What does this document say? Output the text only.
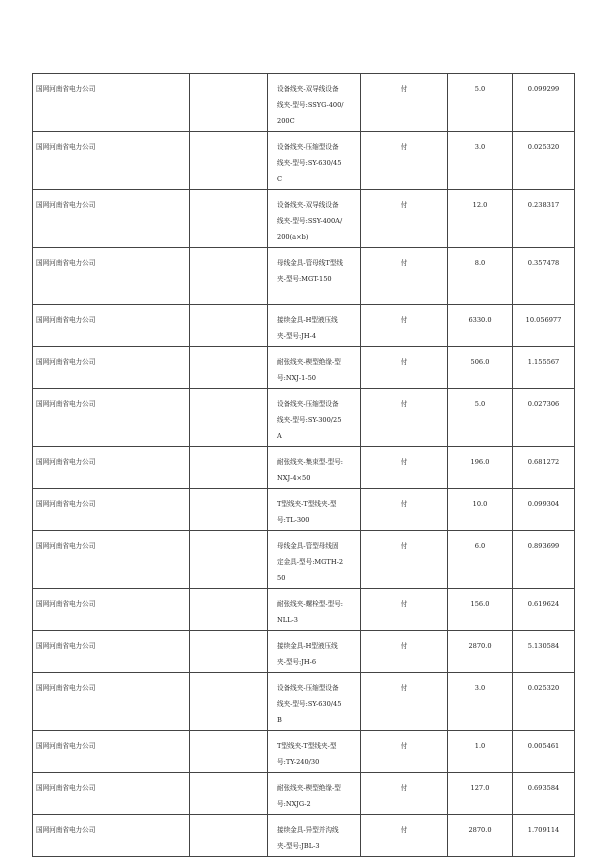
国网河南省电力公司		设备线夹-双导线设备线夹-型号:SSYG-400/200C	付	5.0	0.099299	

国网河南省电力公司		设备线夹-压缩型设备线夹-型号:SY-630/45C	付	3.0	0.025320	

国网河南省电力公司		设备线夹-双导线设备线夹-型号:SSY-400A/200(a×b)	付	12.0	0.238317	

国网河南省电力公司		母线金具-管母线T型线夹-型号:MGT-150	付	8.0	0.357478	

国网河南省电力公司		接续金具-H型液压线夹-型号:JH-4	付	6330.0	10.056977	

国网河南省电力公司		耐张线夹-楔型绝缘-型号:NXJ-1-50	付	506.0	1.155567	

国网河南省电力公司		设备线夹-压缩型设备线夹-型号:SY-300/25A	付	5.0	0.027306	

国网河南省电力公司		耐张线夹-集束型-型号:NXJ-4×50	付	196.0	0.681272	

国网河南省电力公司		T型线夹-T型线夹-型号:TL-300	付	10.0	0.099304	

国网河南省电力公司		母线金具-管型母线固定金具-型号:MGTH-250	付	6.0	0.893699	

国网河南省电力公司		耐张线夹-螺栓型-型号:NLL-3	付	156.0	0.619624	

国网河南省电力公司		接续金具-H型液压线夹-型号:JH-6	付	2870.0	5.130584	

国网河南省电力公司		设备线夹-压缩型设备线夹-型号:SY-630/45B	付	3.0	0.025320	

国网河南省电力公司		T型线夹-T型线夹-型号:TY-240/30	付	1.0	0.005461	

国网河南省电力公司		耐张线夹-楔型绝缘-型号:NXJG-2	付	127.0	0.693584	

国网河南省电力公司		接续金具-异型并沟线夹-型号:JBL-3	付	2870.0	1.709114	
